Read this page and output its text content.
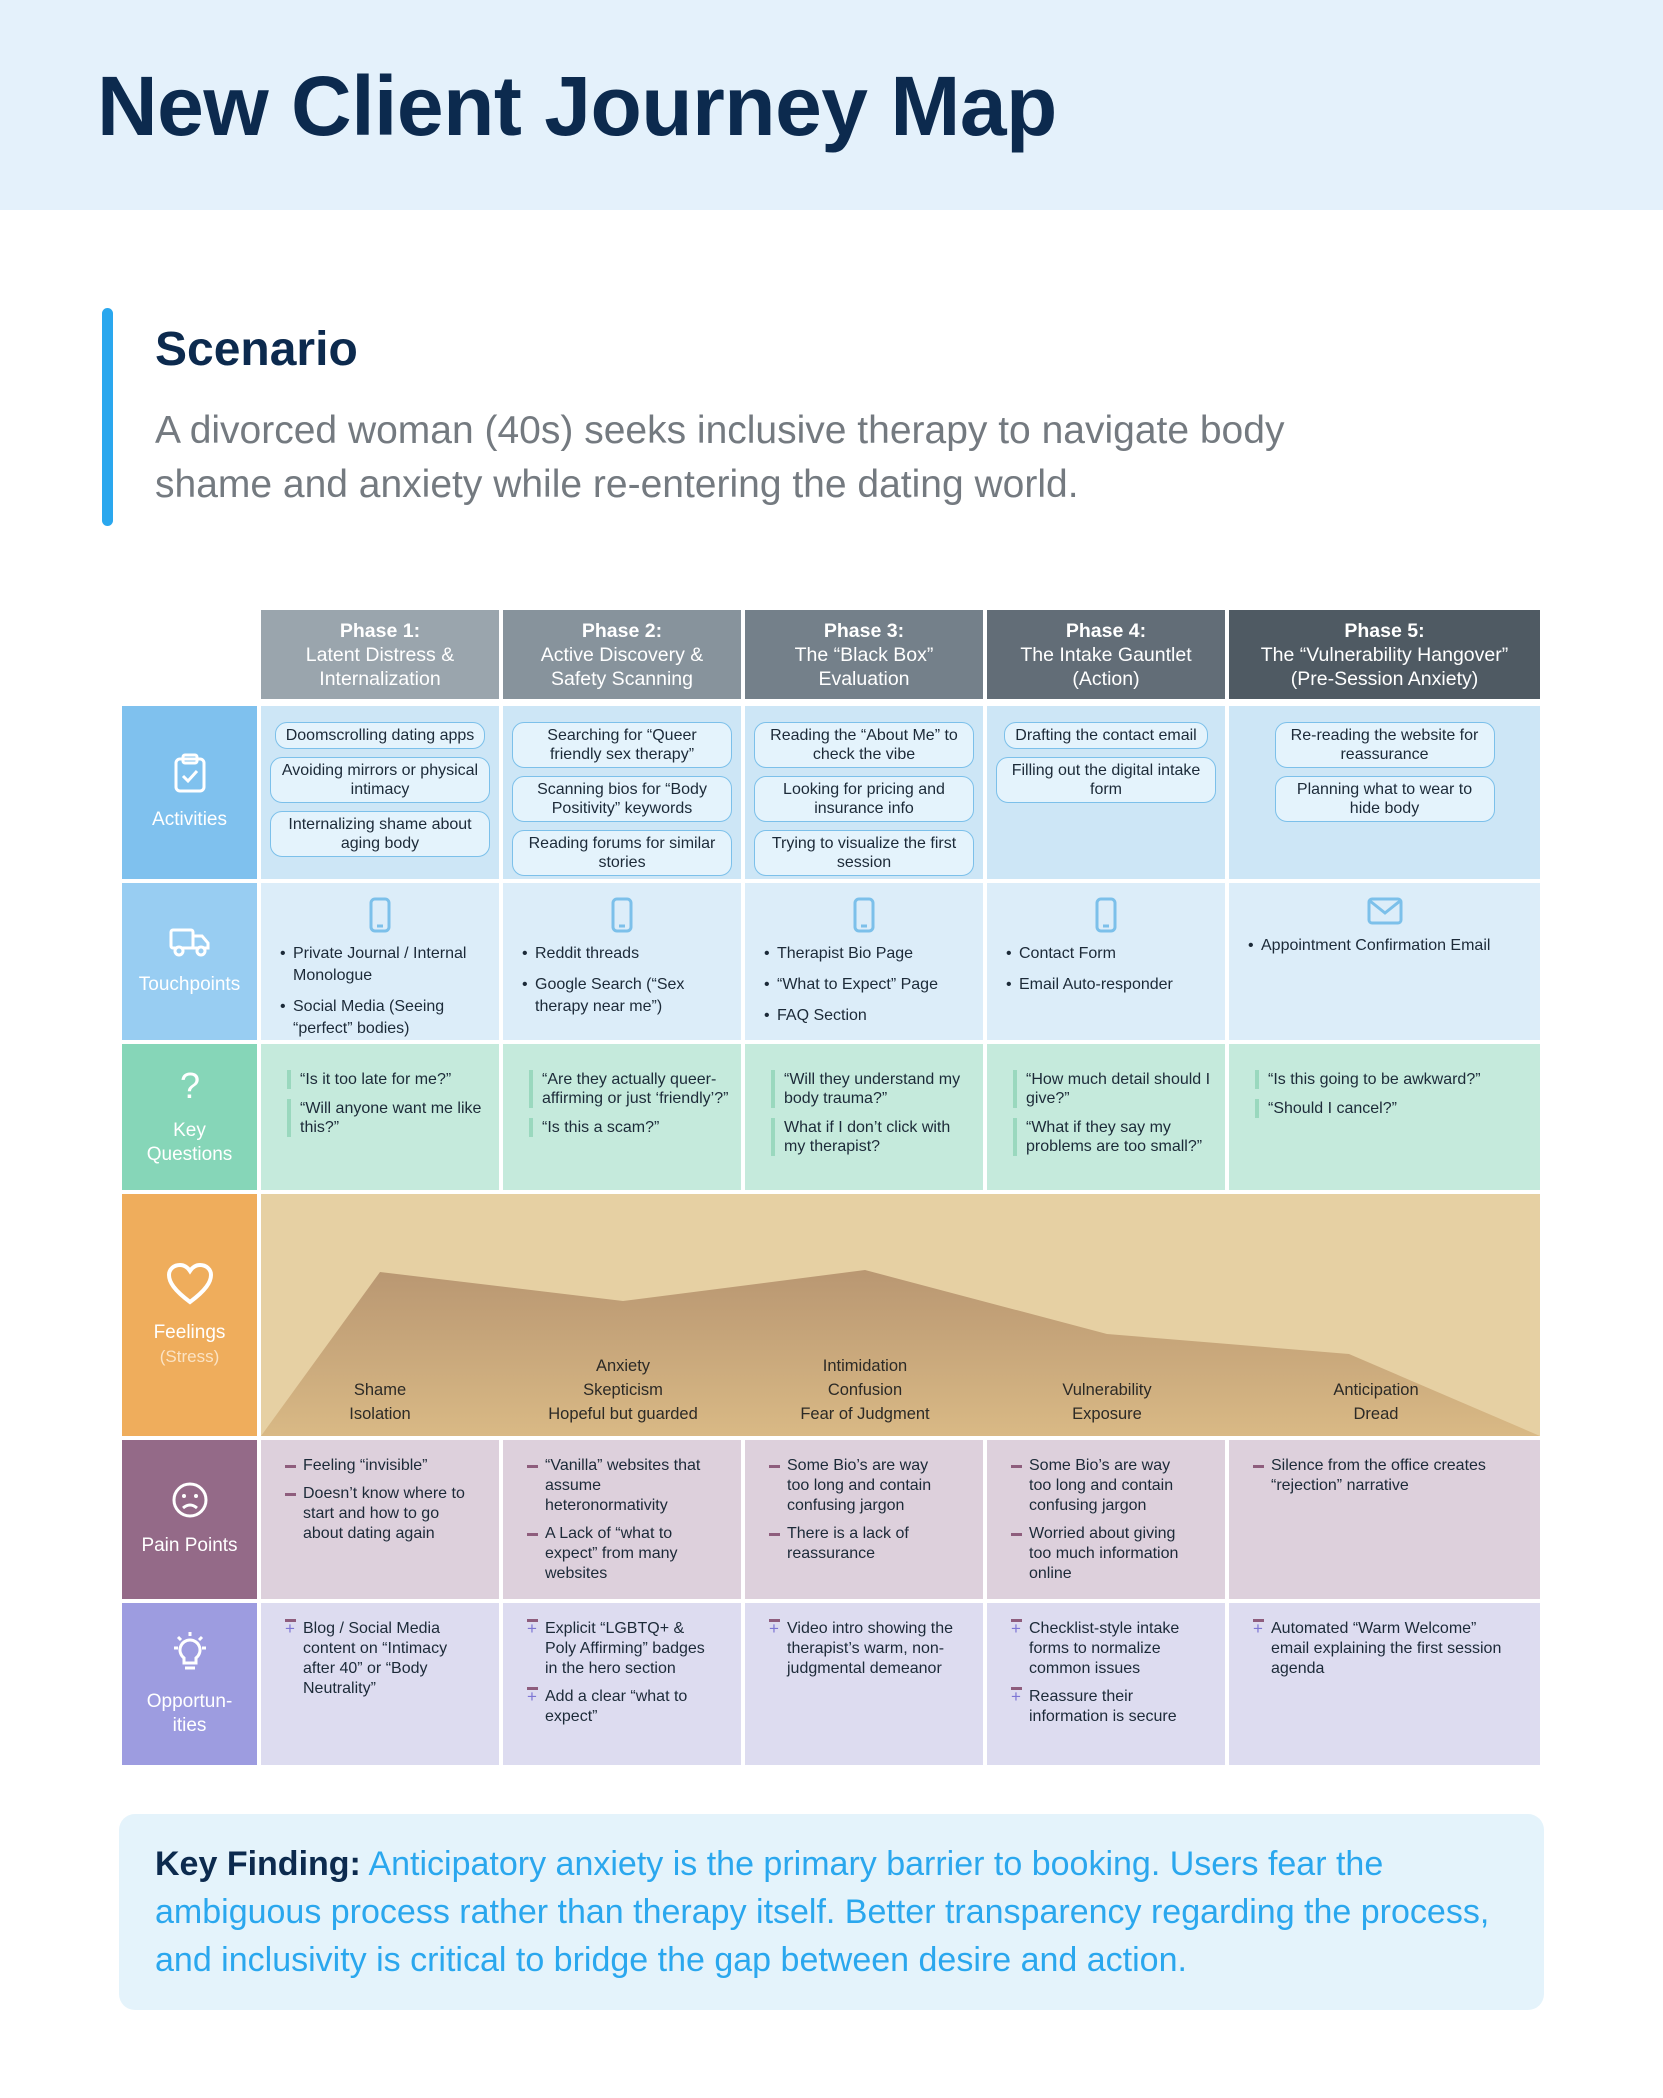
New Client Journey Map
Scenario

A divorced woman (40s) seeks inclusive therapy to navigate body shame and anxiety while re-entering the dating world.

Phase 1:
Latent Distress & Internalization
Phase 2:
Active Discovery & Safety Scanning
Phase 3:
The “Black Box” Evaluation
Phase 4:
The Intake Gauntlet (Action)
Phase 5:
The “Vulnerability Hangover” (Pre-Session Anxiety)
Activities
Touchpoints
?
Key Questions
Feelings
(Stress)
Pain Points
Opportun- ities
Doomscrolling dating apps
Avoiding mirrors or physical intimacy
Internalizing shame about aging body
Searching for “Queer friendly sex therapy”
Scanning bios for “Body Positivity” keywords
Reading forums for similar stories
Reading the “About Me” to check the vibe
Looking for pricing and insurance info
Trying to visualize the first session
Drafting the contact email
Filling out the digital intake form
Re-reading the website for reassurance
Planning what to wear to hide body
• Private Journal / Internal Monologue
• Social Media (Seeing “perfect” bodies)
• Reddit threads
• Google Search (“Sex therapy near me”)
• Therapist Bio Page
• “What to Expect” Page
• FAQ Section
• Contact Form
• Email Auto-responder
• Appointment Confirmation Email
“Is it too late for me?”
“Will anyone want me like this?”
“Are they actually queer-affirming or just ‘friendly’?”
“Is this a scam?”
“Will they understand my body trauma?”
What if I don’t click with my therapist?
“How much detail should I give?”
“What if they say my problems are too small?”
“Is this going to be awkward?”
“Should I cancel?”
Shame
Isolation
Anxiety
Skepticism
Hopeful but guarded
Intimidation
Confusion
Fear of Judgment
Vulnerability
Exposure
Anticipation
Dread
Feeling “invisible”
Doesn’t know where to start and how to go about dating again
“Vanilla” websites that assume heteronormativity
A Lack of “what to expect” from many websites
Some Bio’s are way too long and contain confusing jargon
There is a lack of reassurance
Some Bio’s are way too long and contain confusing jargon
Worried about giving too much information online
Silence from the office creates “rejection” narrative
+ Blog / Social Media content on “Intimacy after 40” or “Body Neutrality”
+ Explicit “LGBTQ+ & Poly Affirming” badges in the hero section
+ Add a clear “what to expect”
+ Video intro showing the therapist’s warm, non-judgmental demeanor
+ Checklist-style intake forms to normalize common issues
+ Reassure their information is secure
+ Automated “Warm Welcome” email explaining the first session agenda

Key Finding: Anticipatory anxiety is the primary barrier to booking. Users fear the ambiguous process rather than therapy itself. Better transparency regarding the process, and inclusivity is critical to bridge the gap between desire and action.
